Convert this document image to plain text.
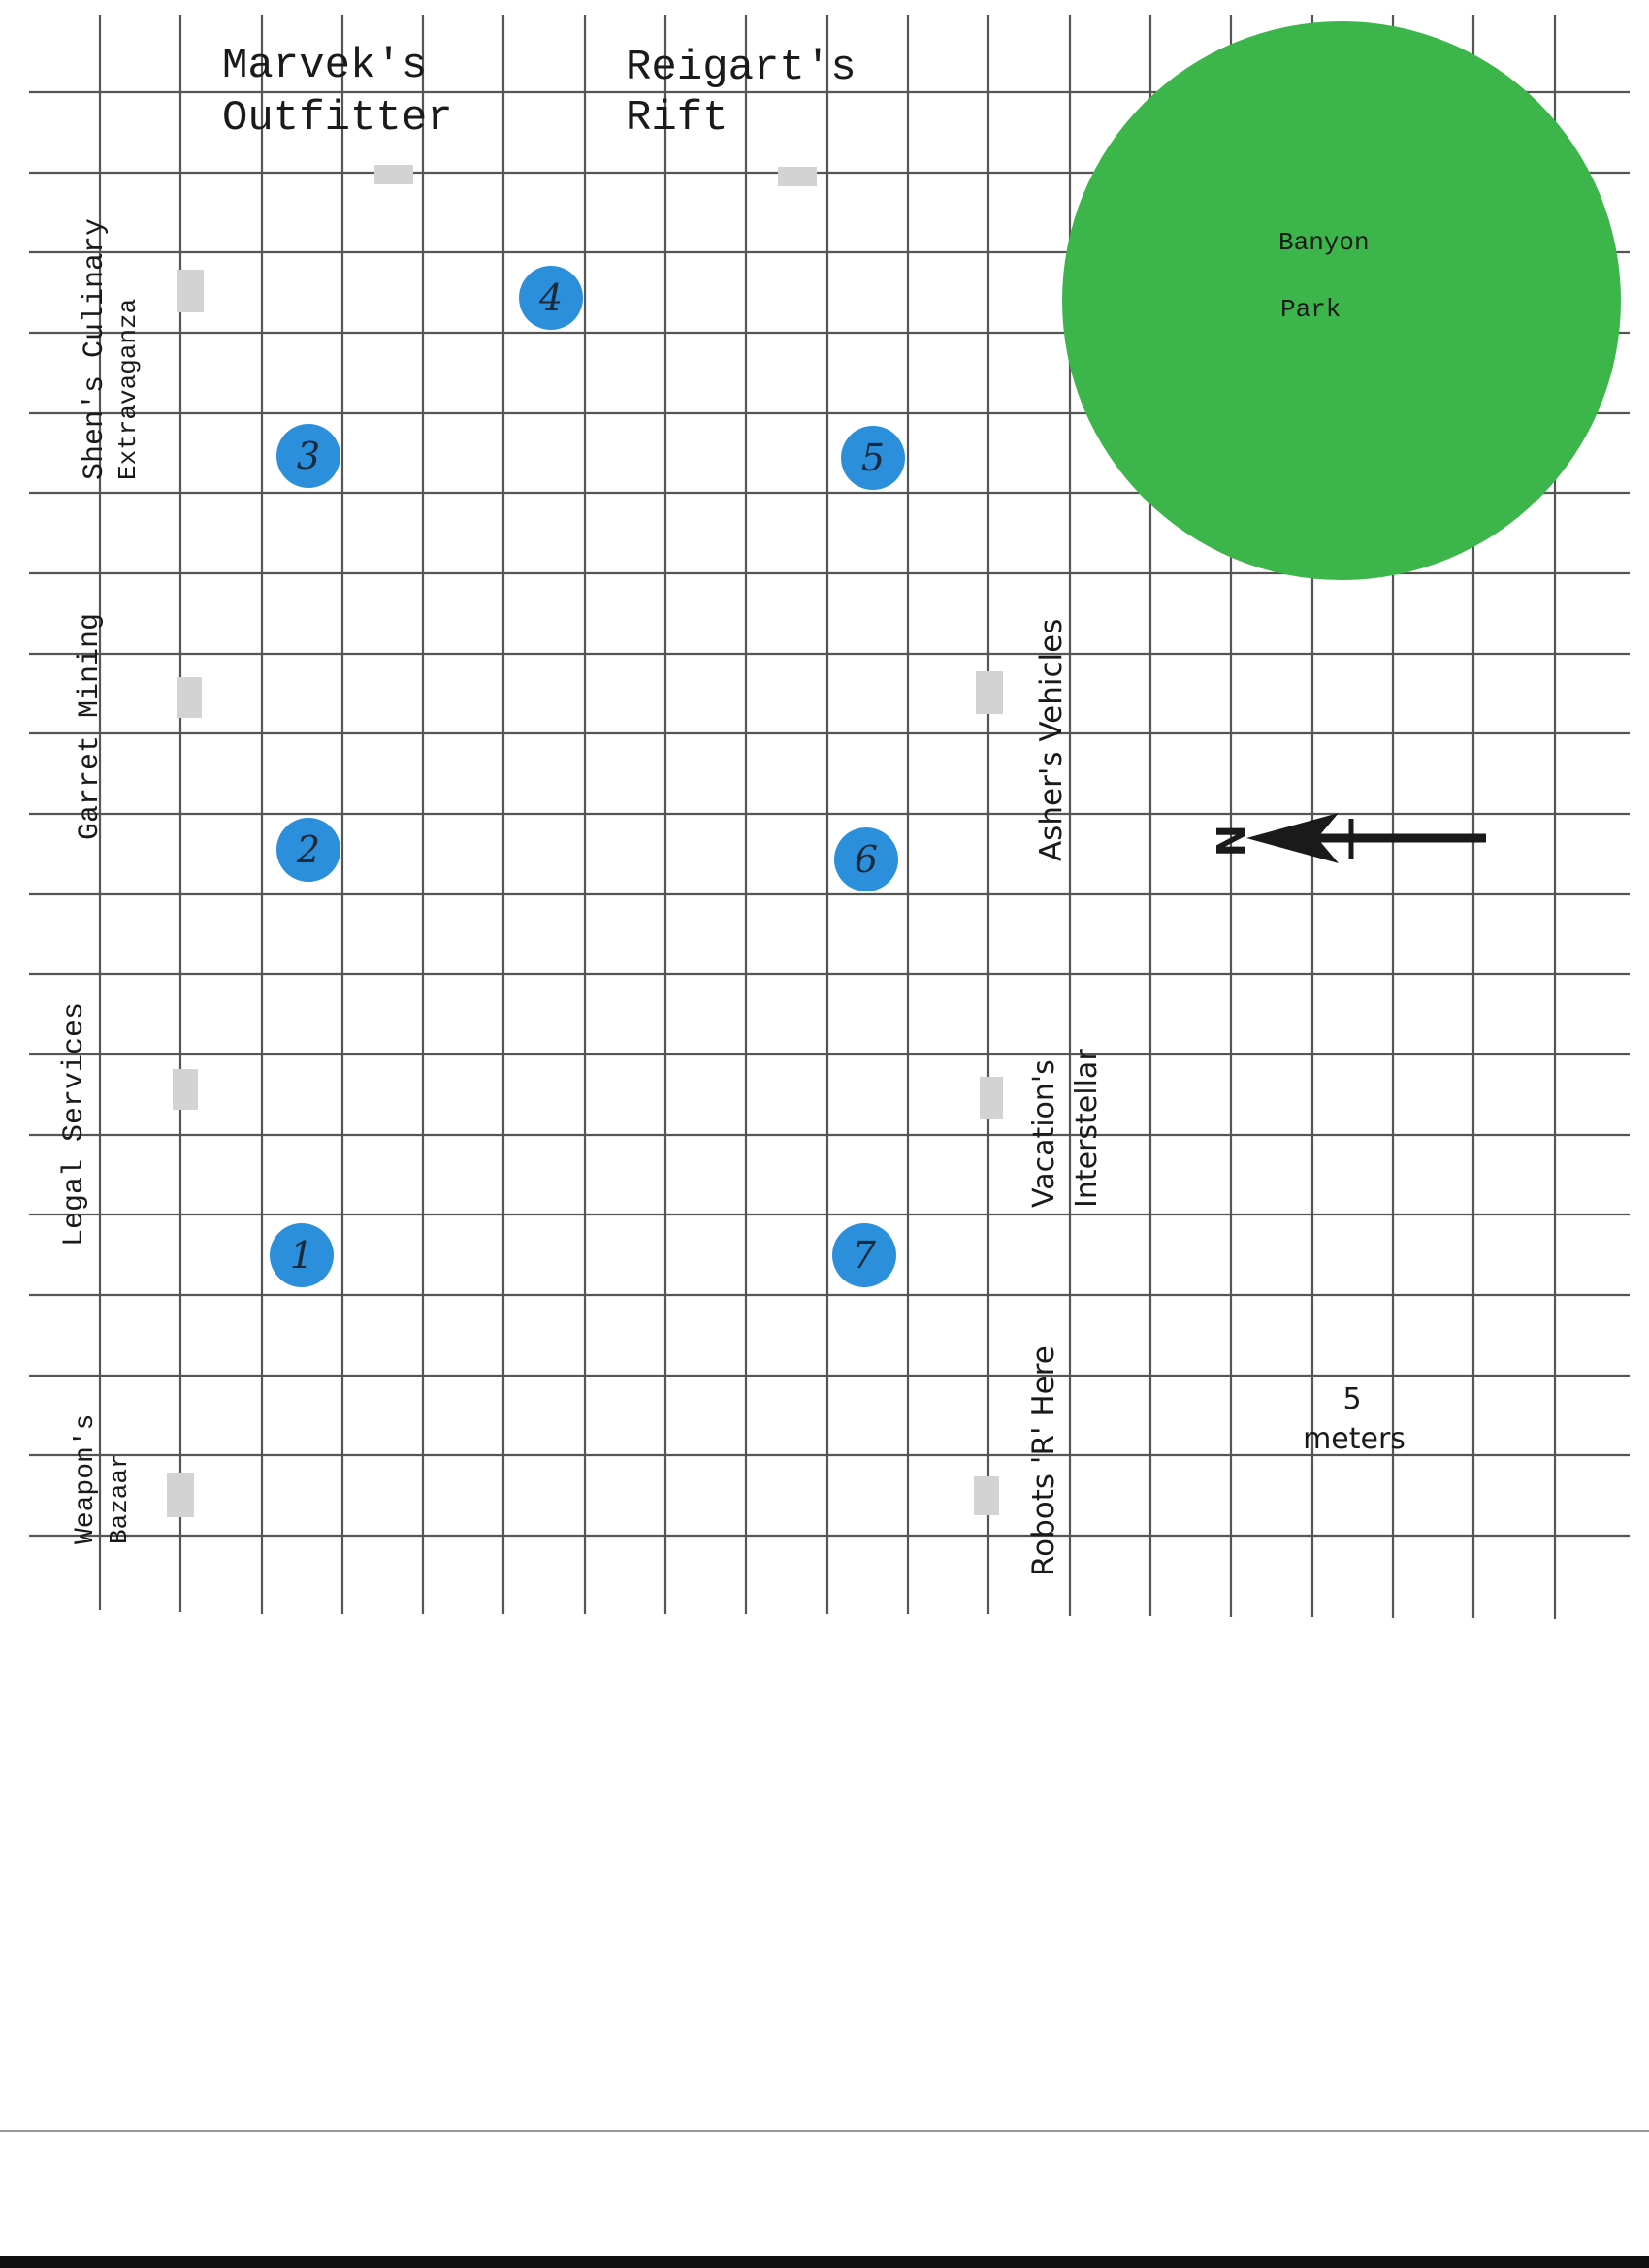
Banyon
Park
Marvek's
Outfitter
Reigart's
Rift
Shen's Culinary Extravaganza
Garret Mining
Legal Services
Weapon's Bazaar
Asher's Vehicles
Vacation's Interstellar
Robots 'R' Here
1
2
3
4
5
6
7
N
5
meters
